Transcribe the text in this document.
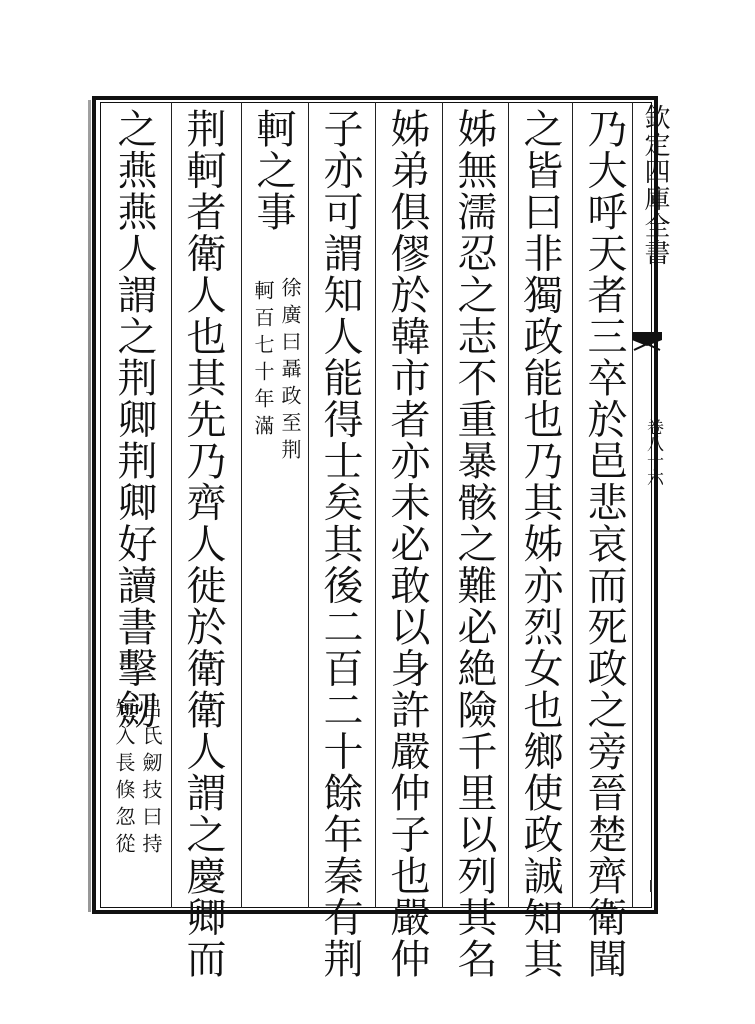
欽定四庫全書
卷八十六
乃大呼天者三卒於邑悲哀而死政之旁晉楚齊衛聞
之皆曰非獨政能也乃其姊亦烈女也鄉使政誠知其
姊無濡忍之志不重暴骸之難必絶險千里以列其名
姊弟俱僇於韓市者亦未必敢以身許嚴仲子也嚴仲
子亦可謂知人能得士矣其後二百二十餘年秦有荆
軻之事
徐廣曰聶政至荆
軻百七十年滿
荆軻者衛人也其先乃齊人徙於衛衛人謂之慶卿而
之燕燕人謂之荆卿荆卿好讀書擊劒
吕氏劒技曰持
短入長倏忽從
